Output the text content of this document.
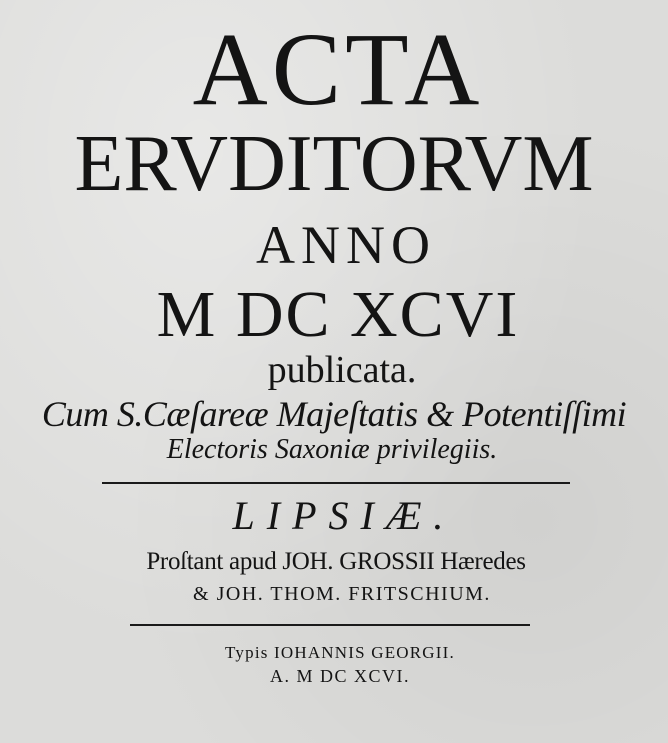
ACTA

ERVDITORVM

ANNO

M DC XCVI

publicata.

Cum S.Cæſareæ Majeſtatis & Potentiſſimi

Electoris Saxoniæ privilegiis.

LIPSIÆ.

Proſtant apud JOH. GROSSII Hæredes

& JOH. THOM. FRITSCHIUM.

Typis IOHANNIS GEORGII.

A. M DC XCVI.
